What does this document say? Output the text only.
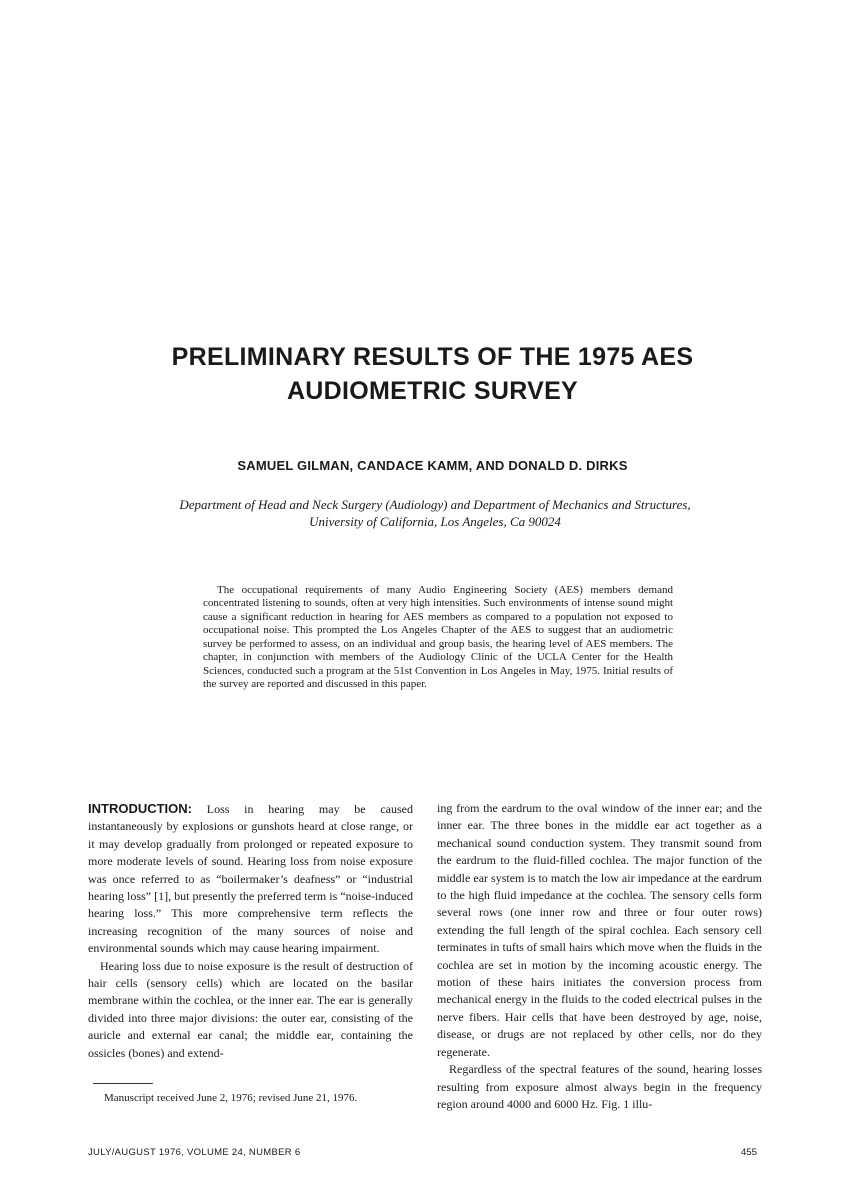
PRELIMINARY RESULTS OF THE 1975 AES
AUDIOMETRIC SURVEY
SAMUEL GILMAN, CANDACE KAMM, AND DONALD D. DIRKS
Department of Head and Neck Surgery (Audiology) and Department of Mechanics and Structures,
University of California, Los Angeles, Ca 90024
The occupational requirements of many Audio Engineering Society (AES) members demand concentrated listening to sounds, often at very high intensities. Such environments of intense sound might cause a significant reduction in hearing for AES members as compared to a population not exposed to occupational noise. This prompted the Los Angeles Chapter of the AES to suggest that an audiometric survey be performed to assess, on an individual and group basis, the hearing level of AES members. The chapter, in conjunction with members of the Audiology Clinic of the UCLA Center for the Health Sciences, conducted such a program at the 51st Convention in Los Angeles in May, 1975. Initial results of the survey are reported and discussed in this paper.

INTRODUCTION: Loss in hearing may be caused instantaneously by explosions or gunshots heard at close range, or it may develop gradually from prolonged or repeated exposure to more moderate levels of sound. Hearing loss from noise exposure was once referred to as “boilermaker’s deafness” or “industrial hearing loss” [1], but presently the preferred term is “noise-induced hearing loss.” This more comprehensive term reflects the increasing recognition of the many sources of noise and environmental sounds which may cause hearing impairment.

Hearing loss due to noise exposure is the result of destruction of hair cells (sensory cells) which are located on the basilar membrane within the cochlea, or the inner ear. The ear is generally divided into three major divisions: the outer ear, consisting of the auricle and external ear canal; the middle ear, containing the ossicles (bones) and extend-

ing from the eardrum to the oval window of the inner ear; and the inner ear. The three bones in the middle ear act together as a mechanical sound conduction system. They transmit sound from the eardrum to the fluid-filled cochlea. The major function of the middle ear system is to match the low air impedance at the eardrum to the high fluid impedance at the cochlea. The sensory cells form several rows (one inner row and three or four outer rows) extending the full length of the spiral cochlea. Each sensory cell terminates in tufts of small hairs which move when the fluids in the cochlea are set in motion by the incoming acoustic energy. The motion of these hairs initiates the conversion process from mechanical energy in the fluids to the coded electrical pulses in the nerve fibers. Hair cells that have been destroyed by age, noise, disease, or drugs are not replaced by other cells, nor do they regenerate.

Regardless of the spectral features of the sound, hearing losses resulting from exposure almost always begin in the frequency region around 4000 and 6000 Hz. Fig. 1 illu-

Manuscript received June 2, 1976; revised June 21, 1976.
JULY/AUGUST 1976, VOLUME 24, NUMBER 6	455
